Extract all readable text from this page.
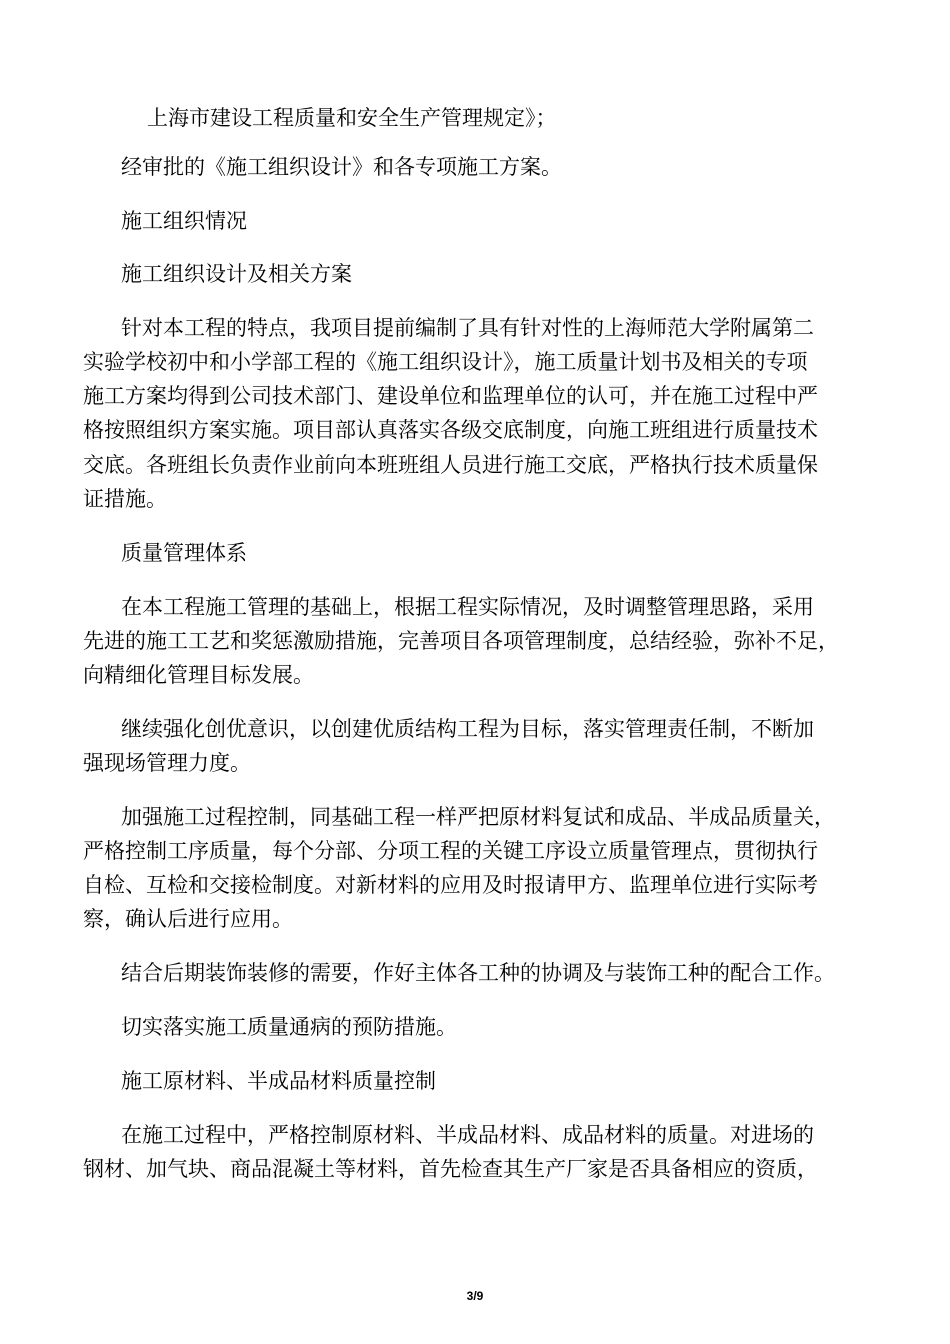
上海市建设工程质量和安全生产管理规定》；
经审批的《施工组织设计》和各专项施工方案。
施工组织情况
施工组织设计及相关方案
针对本工程的特点，我项目提前编制了具有针对性的上海师范大学附属第二
实验学校初中和小学部工程的《施工组织设计》，施工质量计划书及相关的专项
施工方案均得到公司技术部门、建设单位和监理单位的认可，并在施工过程中严
格按照组织方案实施。项目部认真落实各级交底制度，向施工班组进行质量技术
交底。各班组长负责作业前向本班班组人员进行施工交底，严格执行技术质量保
证措施。
质量管理体系
在本工程施工管理的基础上，根据工程实际情况，及时调整管理思路，采用
先进的施工工艺和奖惩激励措施，完善项目各项管理制度，总结经验，弥补不足，
向精细化管理目标发展。
继续强化创优意识，以创建优质结构工程为目标，落实管理责任制，不断加
强现场管理力度。
加强施工过程控制，同基础工程一样严把原材料复试和成品、半成品质量关，
严格控制工序质量，每个分部、分项工程的关键工序设立质量管理点，贯彻执行
自检、互检和交接检制度。对新材料的应用及时报请甲方、监理单位进行实际考
察，确认后进行应用。
结合后期装饰装修的需要，作好主体各工种的协调及与装饰工种的配合工作。
切实落实施工质量通病的预防措施。
施工原材料、半成品材料质量控制
在施工过程中，严格控制原材料、半成品材料、成品材料的质量。对进场的
钢材、加气块、商品混凝土等材料，首先检查其生产厂家是否具备相应的资质，
3/9
